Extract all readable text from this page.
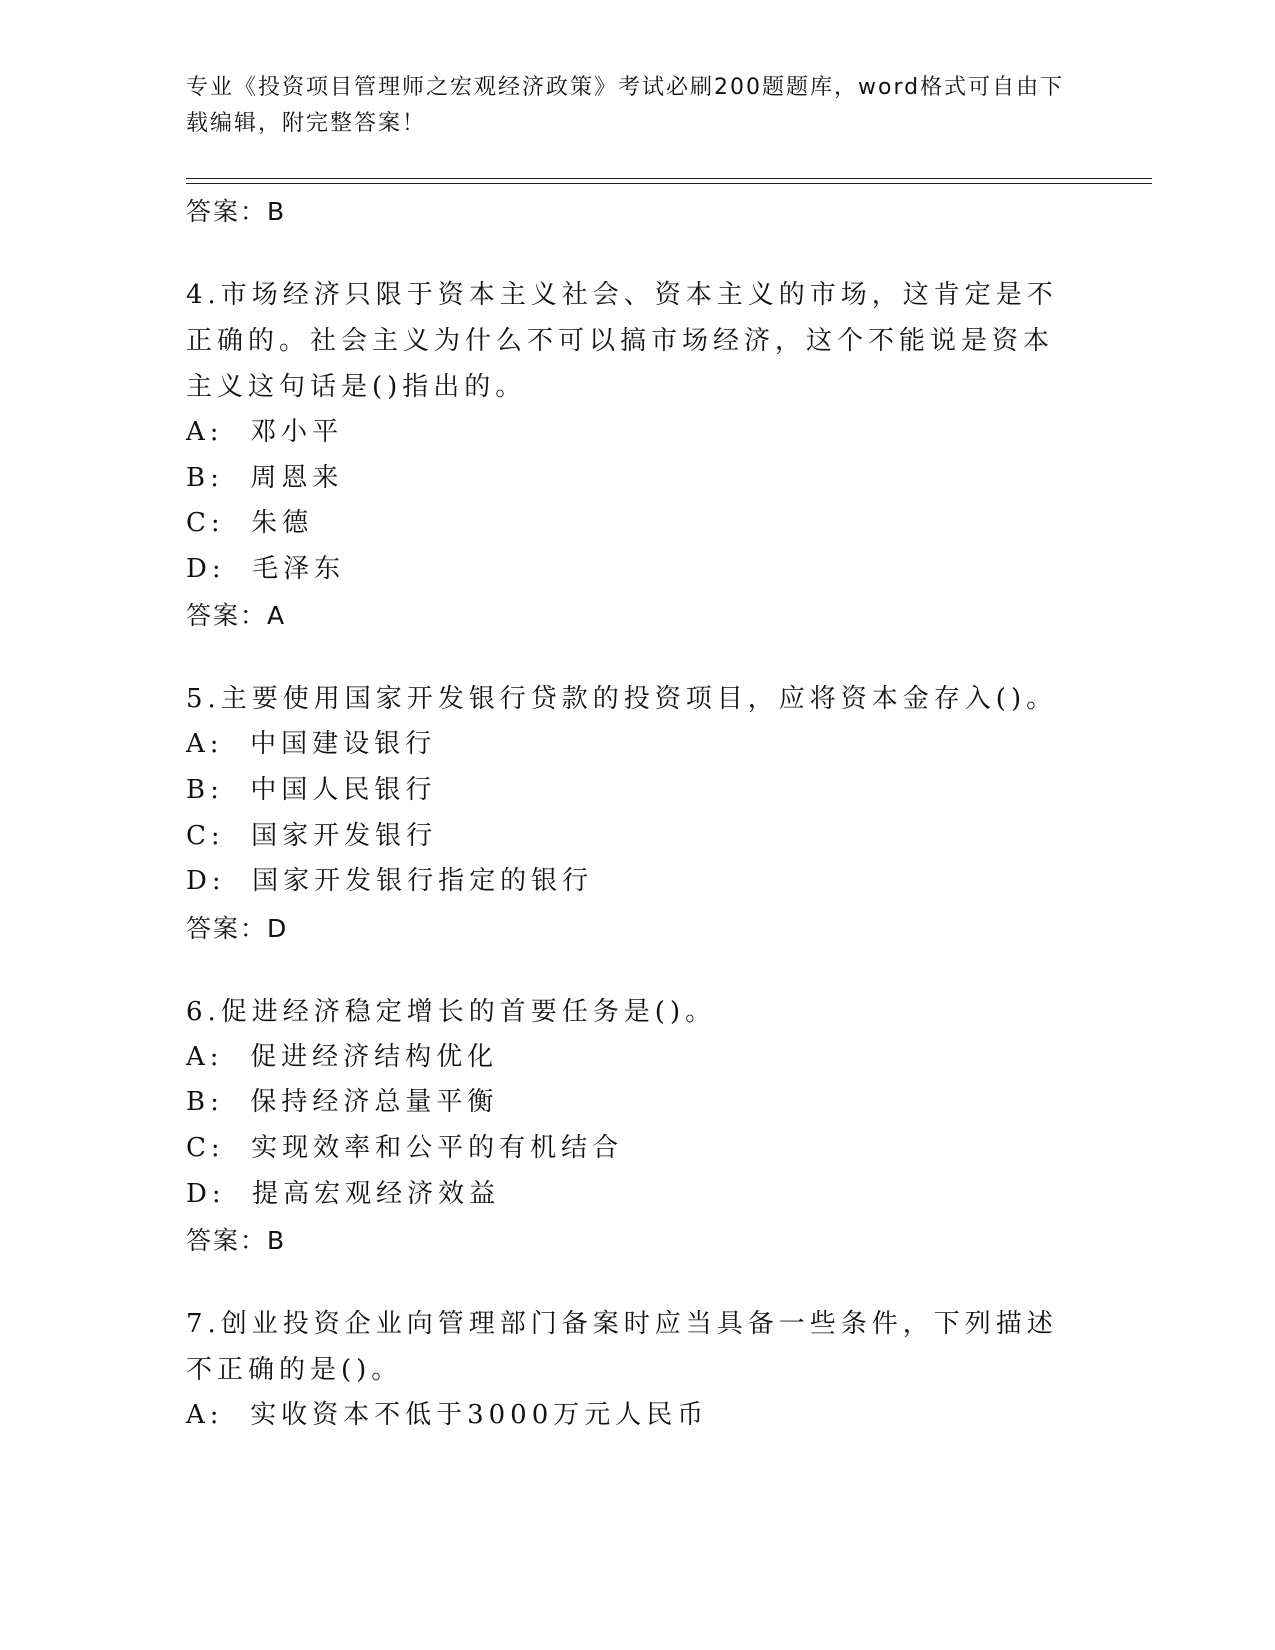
专业《投资项目管理师之宏观经济政策》考试必刷200题题库，word格式可自由下载编辑，附完整答案！

答案：B

4.市场经济只限于资本主义社会、资本主义的市场，这肯定是不正确的。社会主义为什么不可以搞市场经济，这个不能说是资本主义这句话是()指出的。

A:  邓小平

B:  周恩来

C:  朱德

D:  毛泽东

答案：A

5.主要使用国家开发银行贷款的投资项目，应将资本金存入()。

A:  中国建设银行

B:  中国人民银行

C:  国家开发银行

D:  国家开发银行指定的银行

答案：D

6.促进经济稳定增长的首要任务是()。

A:  促进经济结构优化

B:  保持经济总量平衡

C:  实现效率和公平的有机结合

D:  提高宏观经济效益

答案：B

7.创业投资企业向管理部门备案时应当具备一些条件，下列描述不正确的是()。

A:  实收资本不低于3000万元人民币
